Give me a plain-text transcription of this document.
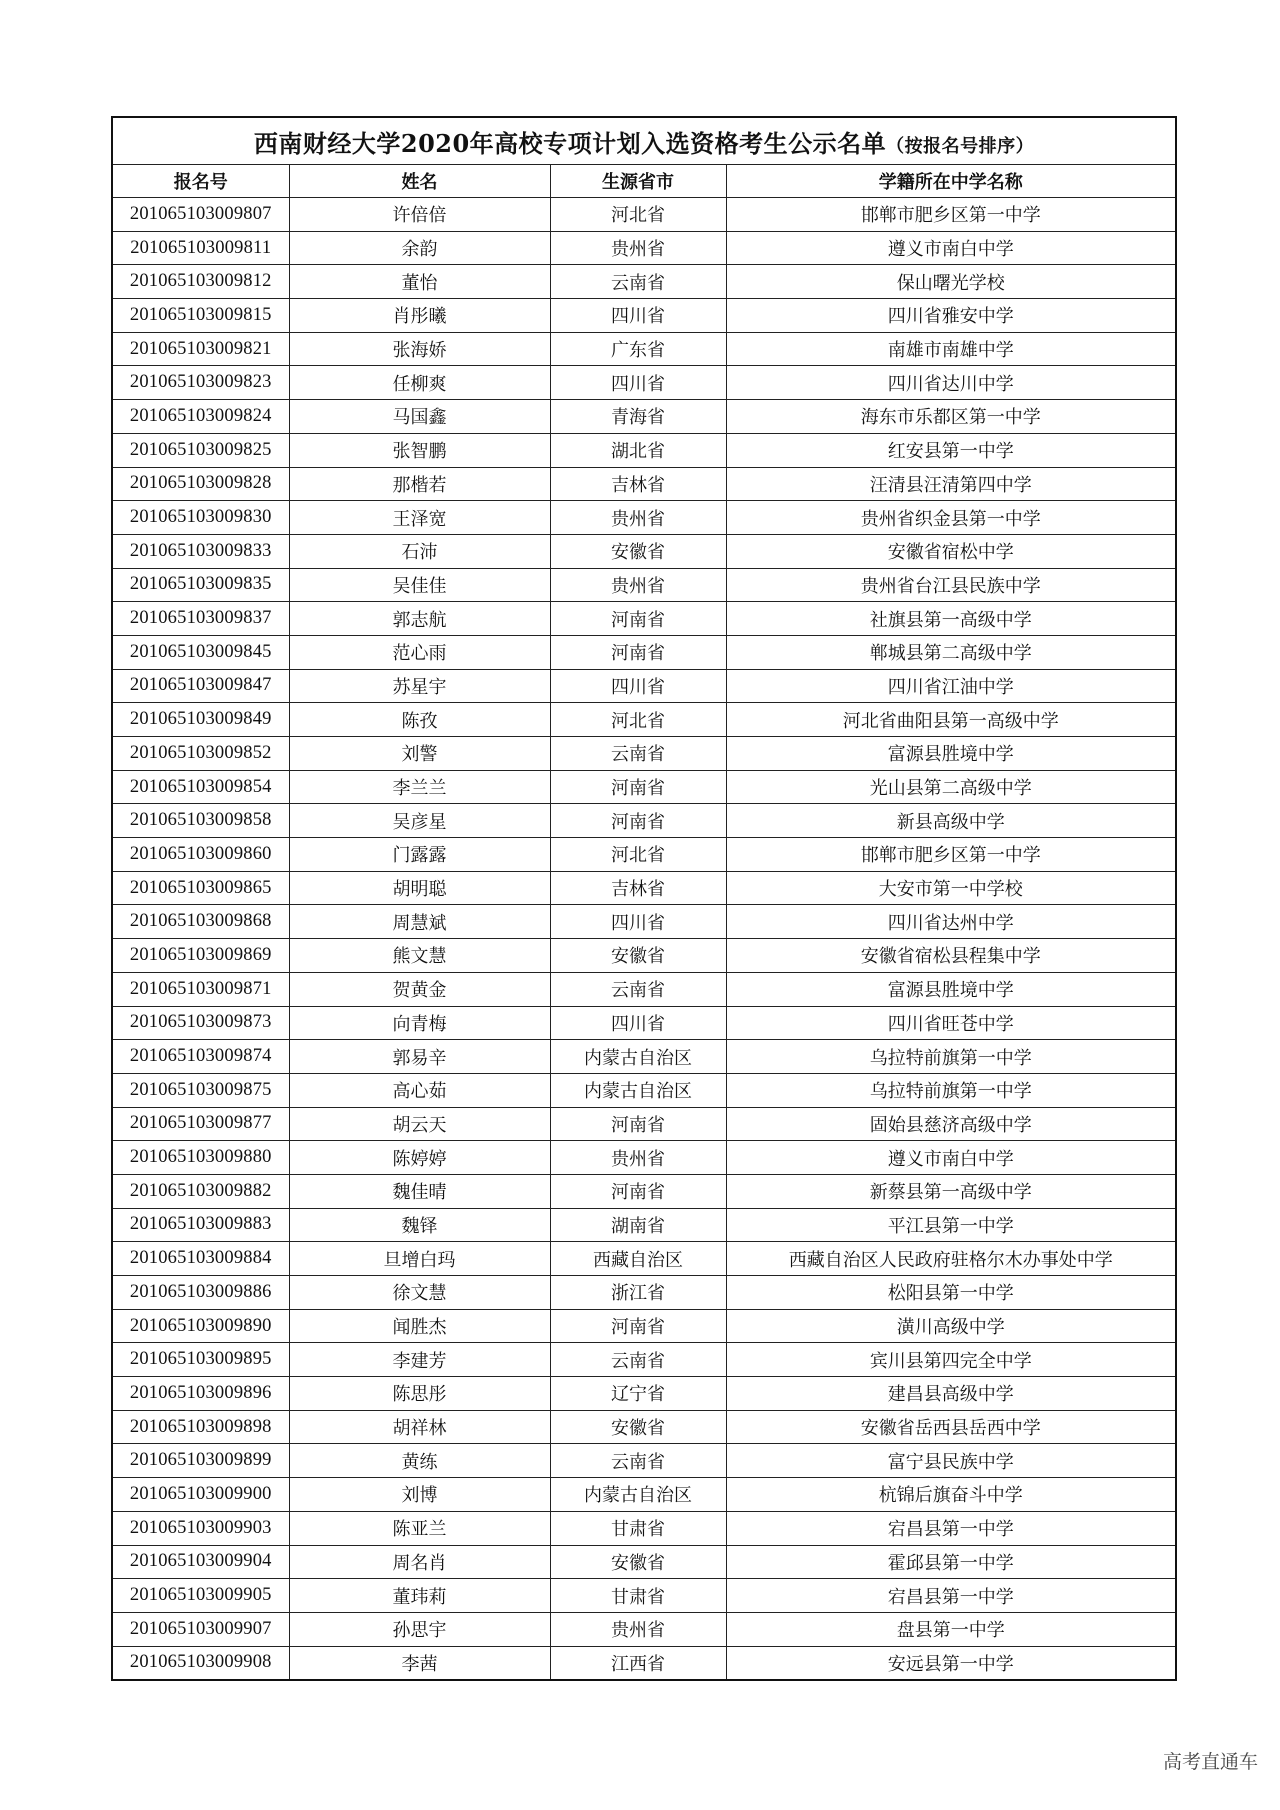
西南财经大学2020年高校专项计划入选资格考生公示名单（按报名号排序）			
报名号	姓名	生源省市	学籍所在中学名称
201065103009807	许倍倍	河北省	邯郸市肥乡区第一中学
201065103009811	余韵	贵州省	遵义市南白中学
201065103009812	董怡	云南省	保山曙光学校
201065103009815	肖彤曦	四川省	四川省雅安中学
201065103009821	张海娇	广东省	南雄市南雄中学
201065103009823	任柳爽	四川省	四川省达川中学
201065103009824	马国鑫	青海省	海东市乐都区第一中学
201065103009825	张智鹏	湖北省	红安县第一中学
201065103009828	那楷若	吉林省	汪清县汪清第四中学
201065103009830	王泽宽	贵州省	贵州省织金县第一中学
201065103009833	石沛	安徽省	安徽省宿松中学
201065103009835	吴佳佳	贵州省	贵州省台江县民族中学
201065103009837	郭志航	河南省	社旗县第一高级中学
201065103009845	范心雨	河南省	郸城县第二高级中学
201065103009847	苏星宇	四川省	四川省江油中学
201065103009849	陈孜	河北省	河北省曲阳县第一高级中学
201065103009852	刘警	云南省	富源县胜境中学
201065103009854	李兰兰	河南省	光山县第二高级中学
201065103009858	吴彦星	河南省	新县高级中学
201065103009860	门露露	河北省	邯郸市肥乡区第一中学
201065103009865	胡明聪	吉林省	大安市第一中学校
201065103009868	周慧斌	四川省	四川省达州中学
201065103009869	熊文慧	安徽省	安徽省宿松县程集中学
201065103009871	贺黄金	云南省	富源县胜境中学
201065103009873	向青梅	四川省	四川省旺苍中学
201065103009874	郭易辛	内蒙古自治区	乌拉特前旗第一中学
201065103009875	高心茹	内蒙古自治区	乌拉特前旗第一中学
201065103009877	胡云天	河南省	固始县慈济高级中学
201065103009880	陈婷婷	贵州省	遵义市南白中学
201065103009882	魏佳晴	河南省	新蔡县第一高级中学
201065103009883	魏铎	湖南省	平江县第一中学
201065103009884	旦增白玛	西藏自治区	西藏自治区人民政府驻格尔木办事处中学
201065103009886	徐文慧	浙江省	松阳县第一中学
201065103009890	闻胜杰	河南省	潢川高级中学
201065103009895	李建芳	云南省	宾川县第四完全中学
201065103009896	陈思彤	辽宁省	建昌县高级中学
201065103009898	胡祥林	安徽省	安徽省岳西县岳西中学
201065103009899	黄练	云南省	富宁县民族中学
201065103009900	刘博	内蒙古自治区	杭锦后旗奋斗中学
201065103009903	陈亚兰	甘肃省	宕昌县第一中学
201065103009904	周名肖	安徽省	霍邱县第一中学
201065103009905	董玮莉	甘肃省	宕昌县第一中学
201065103009907	孙思宇	贵州省	盘县第一中学
201065103009908	李茜	江西省	安远县第一中学
高考直通车
